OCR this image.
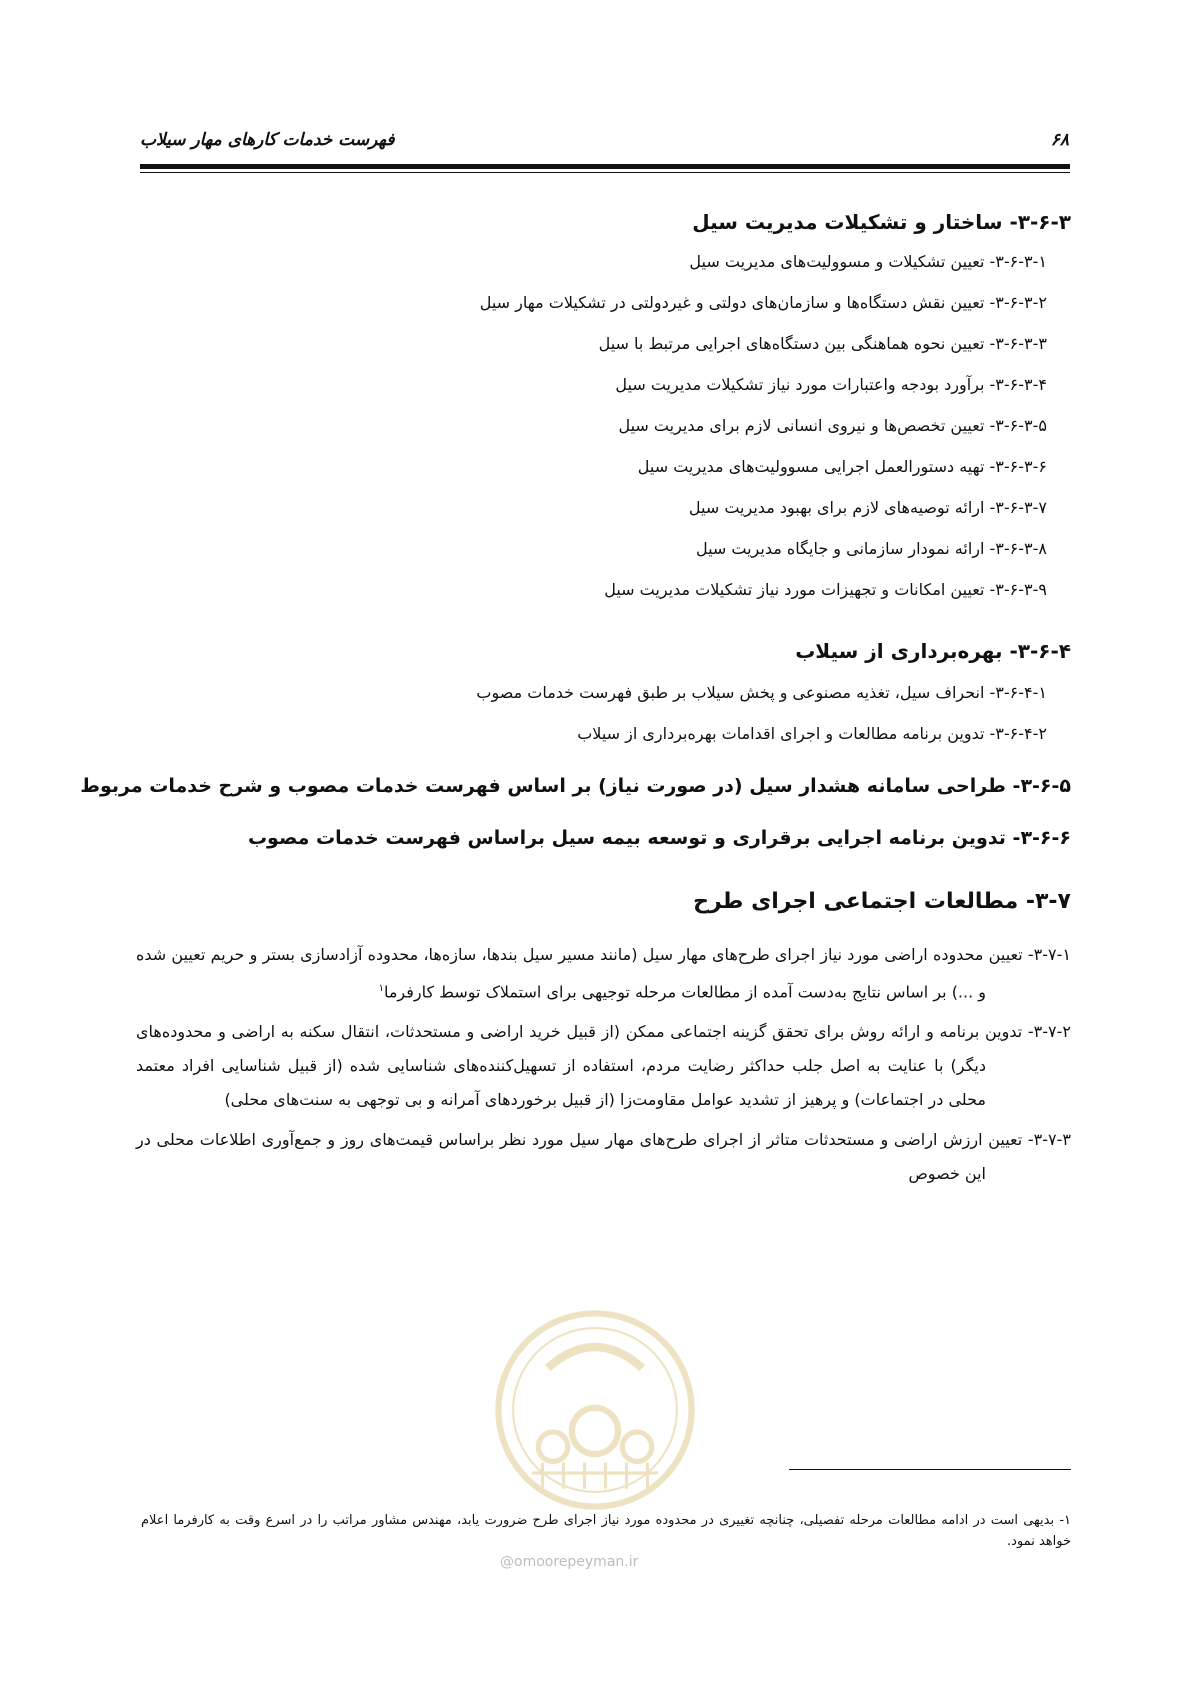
فهرست خدمات کارهای مهار سیلاب	۶۸
۳-۶-۳- ساختار و تشکیلات مدیریت سیل

۳-۶-۳-۱- تعیین تشکیلات و مسوولیت‌های مدیریت سیل

۳-۶-۳-۲- تعیین نقش دستگاه‌ها و سازمان‌های دولتی و غیردولتی در تشکیلات مهار سیل

۳-۶-۳-۳- تعیین نحوه هماهنگی بین دستگاه‌های اجرایی مرتبط با سیل

۳-۶-۳-۴- برآورد بودجه واعتبارات مورد نیاز تشکیلات مدیریت سیل

۳-۶-۳-۵- تعیین تخصص‌ها و نیروی انسانی لازم برای مدیریت سیل

۳-۶-۳-۶- تهیه دستورالعمل اجرایی مسوولیت‌های مدیریت سیل

۳-۶-۳-۷- ارائه توصیه‌های لازم برای بهبود مدیریت سیل

۳-۶-۳-۸- ارائه نمودار سازمانی و جایگاه مدیریت سیل

۳-۶-۳-۹- تعیین امکانات و تجهیزات مورد نیاز تشکیلات مدیریت سیل

۳-۶-۴- بهره‌برداری از سیلاب

۳-۶-۴-۱- انحراف سیل، تغذیه مصنوعی و پخش سیلاب بر طبق فهرست خدمات مصوب

۳-۶-۴-۲- تدوین برنامه مطالعات و اجرای اقدامات بهره‌برداری از سیلاب

۳-۶-۵- طراحی سامانه هشدار سیل (در صورت نیاز) بر اساس فهرست خدمات مصوب و شرح خدمات مربوط
۳-۶-۶- تدوین برنامه اجرایی برقراری و توسعه بیمه سیل براساس فهرست خدمات مصوب
۳-۷- مطالعات اجتماعی اجرای طرح

۳-۷-۱- تعیین محدوده اراضی مورد نیاز اجرای طرح‌های مهار سیل (مانند مسیر سیل بندها، سازه‌ها، محدوده آزادسازی بستر و حریم تعیین شده و ...) بر اساس نتایج به‌دست آمده از مطالعات مرحله توجیهی برای استملاک توسط کارفرما$^۱$

۳-۷-۲- تدوین برنامه و ارائه روش برای تحقق گزینه اجتماعی ممکن (از قبیل خرید اراضی و مستحدثات، انتقال سکنه به اراضی و محدوده‌های دیگر) با عنایت به اصل جلب حداکثر رضایت مردم، استفاده از تسهیل‌کننده‌های شناسایی شده (از قبیل شناسایی افراد معتمد محلی در اجتماعات) و پرهیز از تشدید عوامل مقاومت‌زا (از قبیل برخوردهای آمرانه و بی توجهی به سنت‌های محلی)

۳-۷-۳- تعیین ارزش اراضی و مستحدثات متاثر از اجرای طرح‌های مهار سیل مورد نظر براساس قیمت‌های روز و جمع‌آوری اطلاعات محلی در این خصوص

@omoorepeyman.ir
۱- بدیهی است در ادامه مطالعات مرحله تفصیلی، چنانچه تغییری در محدوده مورد نیاز اجرای طرح ضرورت یابد، مهندس مشاور مراتب را در اسرع وقت به کارفرما اعلام خواهد نمود.
